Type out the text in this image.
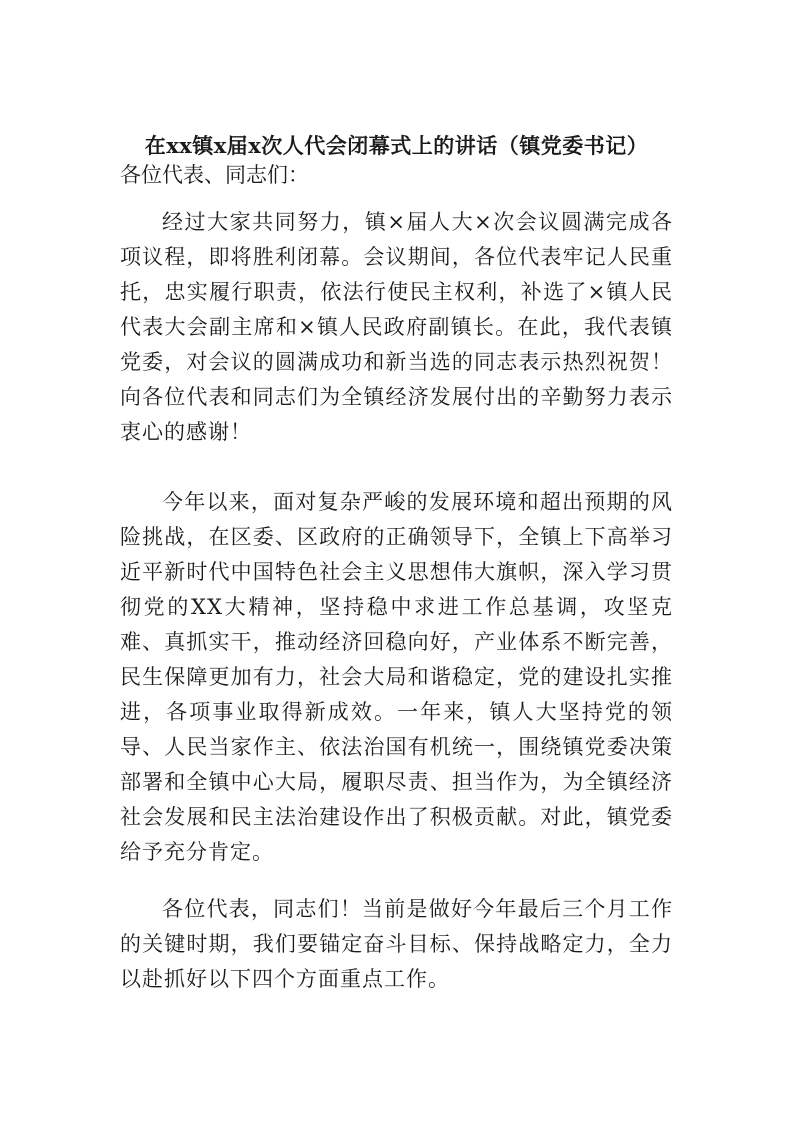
在xx镇x届x次人代会闭幕式上的讲话（镇党委书记）
各位代表、同志们：
经过大家共同努力，镇×届人大×次会议圆满完成各项议程，即将胜利闭幕。会议期间，各位代表牢记人民重托，忠实履行职责，依法行使民主权利，补选了×镇人民代表大会副主席和×镇人民政府副镇长。在此，我代表镇党委，对会议的圆满成功和新当选的同志表示热烈祝贺！向各位代表和同志们为全镇经济发展付出的辛勤努力表示衷心的感谢！
今年以来，面对复杂严峻的发展环境和超出预期的风险挑战，在区委、区政府的正确领导下，全镇上下高举习近平新时代中国特色社会主义思想伟大旗帜，深入学习贯彻党的XX大精神，坚持稳中求进工作总基调，攻坚克难、真抓实干，推动经济回稳向好，产业体系不断完善，民生保障更加有力，社会大局和谐稳定，党的建设扎实推进，各项事业取得新成效。一年来，镇人大坚持党的领导、人民当家作主、依法治国有机统一，围绕镇党委决策部署和全镇中心大局，履职尽责、担当作为，为全镇经济社会发展和民主法治建设作出了积极贡献。对此，镇党委给予充分肯定。
各位代表，同志们！当前是做好今年最后三个月工作的关键时期，我们要锚定奋斗目标、保持战略定力，全力以赴抓好以下四个方面重点工作。
